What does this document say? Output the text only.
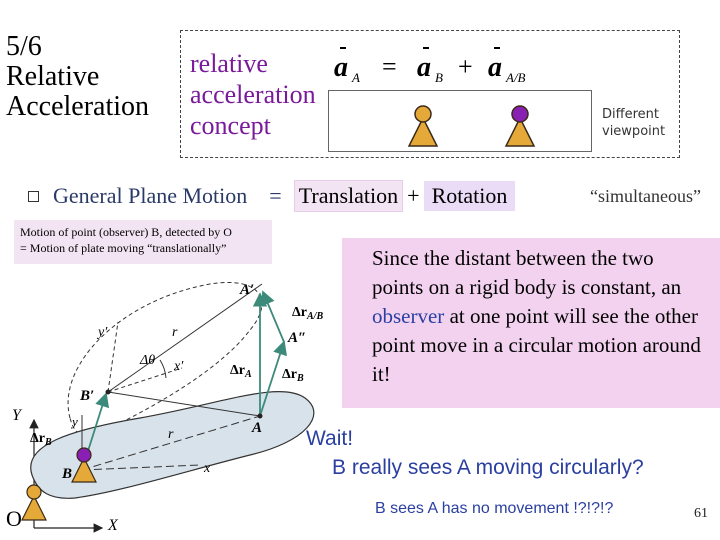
5/6
Relative
Acceleration
relative
acceleration
concept
a A = a B + a A/B
Different
viewpoint
General Plane Motion = Translation + Rotation	“simultaneous”
Motion of point (observer) B, detected by O
= Motion of plate moving “translationally”	Since the distant between the two points on a rigid body is constant, an observer at one point will see the other point move in a circular motion around it!
A′
A″
B′
A
B
r
r
y′
x′
Δθ
y
x
Y
X
$\Delta r_{A/B}$
$\Delta r_A$ $\Delta r_B$
$\Delta r_B$
O
Wait!
B really sees A moving circularly?
B sees A has no movement !?!?!?	61
